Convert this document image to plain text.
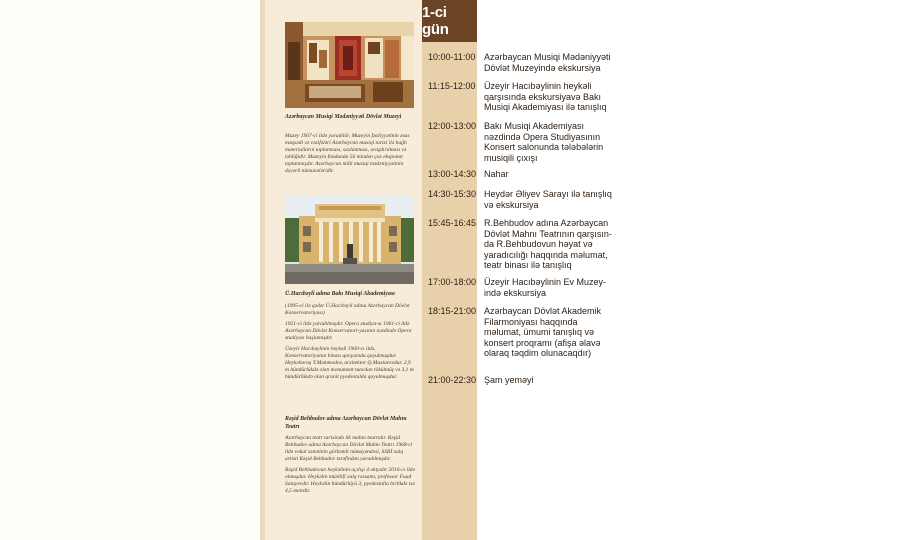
1-ci gün
Azərbaycan Musiqi Mədəniyyəti Dövlət Muzeyi

Muzey 1967-ci ildə yaradılıb. Muzeyin fəaliyyətinin əsas məqsədi və vəzifələri Azərbaycan musiqi tarixi ilə bağlı materialların toplanması, saxlanması, araşdırılması və təbliğidir. Muzeyin fondunda 56 mindən çox eksponat toplanmışdır. Azərbaycan milli musiqi mədəniyyətinin dəyərli nümunələridir.

Ü.Hacıbəyli adına Bakı Musiqi Akademiyası

(1995-ci ilə qədər Ü.Hacıbəyli adına Azərbaycan Dövlət Konservatoriyası)

1921-ci ildə yaradılmışdır. Opera studiya-sı 1961-ci ildə Azərbaycan Dövlət Konservatori-yasının nəzdində Opera studiyası başlamışdır.

Üzeyir Hacıbəylinin heykəli 1960-cı ildə, Konservatoriyanın binası qarşısında qoyulmuşdur. Heykəltəraş T.Məmmədov, arxitektor Q.Muxtarovdur. 2,9 m hündürlükdə olan monument tuncdan tökülmüş və 3,1 m hündürlükdə olan qranit pyedestalda qoyulmuşdur.

Rəşid Behbudov adına Azərbaycan Dövlət Mahnı Teatrı

Azərbaycan teatr tarixində ilk mahnı teatrıdır. Rəşid Behbudov adına Azərbaycan Dövlət Mahnı Teatrı 1968-ci ildə vokal sənətinin görkəmli nümayəndəsi, SSRİ xalq artisti Rəşid Behbudov tərəfindən yaradılmışdır.

Rəşid Behbudovun heykəlinin açılışı 4 oktyabr 2016-cı ildə olmuşdur. Heykəlin müəllifi xalq rəssamı, professor Fuad Salayevdir. Heykəlin hündürlüyü 3, pyedestalla birlikdə isə 4,5 metrdir.

10:00-11:00 Azərbaycan Musiqi Mədəniyyəti Dövlət Muzeyində ekskursiya
11:15-12:00 Üzeyir Hacıbəylinin heykəli qarşısında ekskursiyavə Bakı Musiqi Akademiyası ilə tanışlıq
12:00-13:00 Bakı Musiqi Akademiyası nəzdində Opera Studiyasının Konsert salonunda tələbələrin musiqili çıxışı
13:00-14:30 Nahar
14:30-15:30 Heydər Əliyev Sarayı ilə tanışlıq və ekskursiya
15:45-16:45 R.Behbudov adına Azərbaycan Dövlət Mahnı Teatrının qarşısın-da R.Behbudovun həyat və yaradıcılığı haqqında məlumat, teatr binası ilə tanışlıq
17:00-18:00 Üzeyir Hacıbəylinin Ev Muzey-ində ekskursiya
18:15-21:00 Azərbaycan Dövlət Akademik Filarmoniyası haqqında məlumat, ümumi tanışlıq və konsert proqramı (afişa əlavə olaraq təqdim olunacaqdır)
21:00-22:30 Şam yeməyi
